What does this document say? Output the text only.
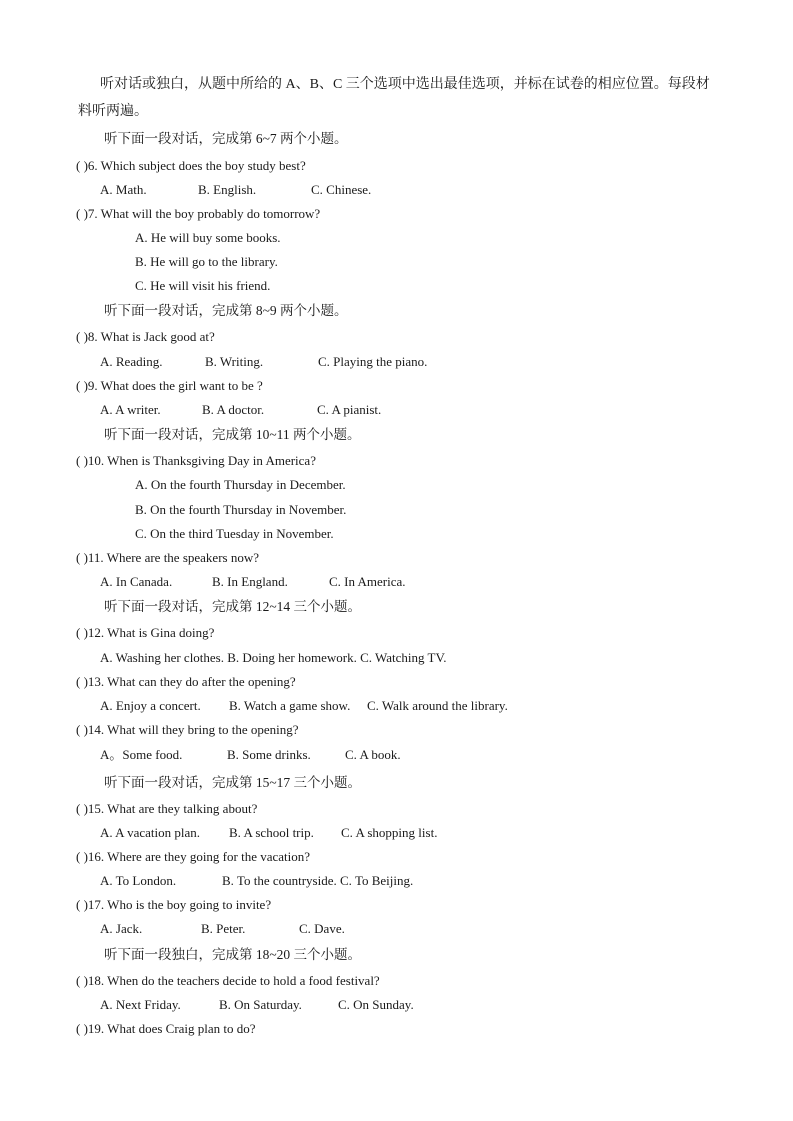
听对话或独白，从题中所给的 A、B、C 三个选项中选出最佳选项，并标在试卷的相应位置。每段材
料听两遍。
听下面一段对话，完成第 6~7 两个小题。
( )6. Which subject does the boy study best?
A. Math.	B. English.	C. Chinese.
( )7. What will the boy probably do tomorrow?
A. He will buy some books.
B. He will go to the library.
C. He will visit his friend.
听下面一段对话，完成第 8~9 两个小题。
( )8. What is Jack good at?
A. Reading.	B. Writing.	C. Playing the piano.
( )9. What does the girl want to be ?
A. A writer.	B. A doctor.	C. A pianist.
听下面一段对话，完成第 10~11 两个小题。
( )10. When is Thanksgiving Day in America?
A. On the fourth Thursday in December.
B. On the fourth Thursday in November.
C. On the third Tuesday in November.
( )11. Where are the speakers now?
A. In Canada.	B. In England.	C. In America.
听下面一段对话，完成第 12~14 三个小题。
( )12. What is Gina doing?
A. Washing her clothes. B. Doing her homework. C. Watching TV.
( )13. What can they do after the opening?
A. Enjoy a concert.	B. Watch a game show.	C. Walk around the library.
( )14. What will they bring to the opening?
A。Some food.	B. Some drinks.	C. A book.
听下面一段对话，完成第 15~17 三个小题。
( )15. What are they talking about?
A. A vacation plan.	B. A school trip.	C. A shopping list.
( )16. Where are they going for the vacation?
A. To London.	B. To the countryside. C. To Beijing.
( )17. Who is the boy going to invite?
A. Jack.	B. Peter.	C. Dave.
听下面一段独白，完成第 18~20 三个小题。
( )18. When do the teachers decide to hold a food festival?
A. Next Friday.	B. On Saturday.	C. On Sunday.
( )19. What does Craig plan to do?
